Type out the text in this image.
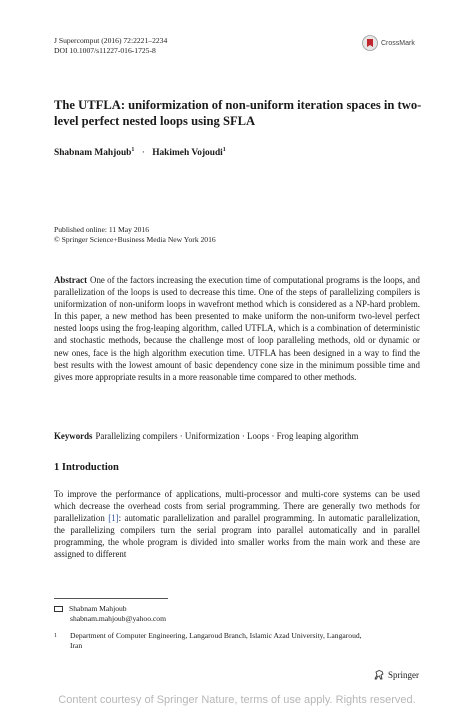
J Supercomput (2016) 72:2221–2234
DOI 10.1007/s11227-016-1725-8
CrossMark
The UTFLA: uniformization of non-uniform iteration spaces in two-level perfect nested loops using SFLA
Shabnam Mahjoub$^1$ · Hakimeh Vojoudi$^1$
Published online: 11 May 2016
© Springer Science+Business Media New York 2016
Abstract One of the factors increasing the execution time of computational programs is the loops, and parallelization of the loops is used to decrease this time. One of the steps of parallelizing compilers is uniformization of non-uniform loops in wavefront method which is considered as a NP-hard problem. In this paper, a new method has been presented to make uniform the non-uniform two-level perfect nested loops using the frog-leaping algorithm, called UTFLA, which is a combination of deterministic and stochastic methods, because the challenge most of loop paralleling methods, old or dynamic or new ones, face is the high algorithm execution time. UTFLA has been designed in a way to find the best results with the lowest amount of basic dependency cone size in the minimum possible time and gives more appropriate results in a more reasonable time compared to other methods.
Keywords Parallelizing compilers · Uniformization · Loops · Frog leaping algorithm
1 Introduction
To improve the performance of applications, multi-processor and multi-core systems can be used which decrease the overhead costs from serial programming. There are generally two methods for parallelization [1]: automatic parallelization and parallel programming. In automatic parallelization, the parallelizing compilers turn the serial program into parallel automatically and in parallel programming, the whole program is divided into smaller works from the main work and these are assigned to different
Shabnam Mahjoub
shabnam.mahjoub@yahoo.com
1 Department of Computer Engineering, Langaroud Branch, Islamic Azad University, Langaroud,
Iran
Springer
Content courtesy of Springer Nature, terms of use apply. Rights reserved.
